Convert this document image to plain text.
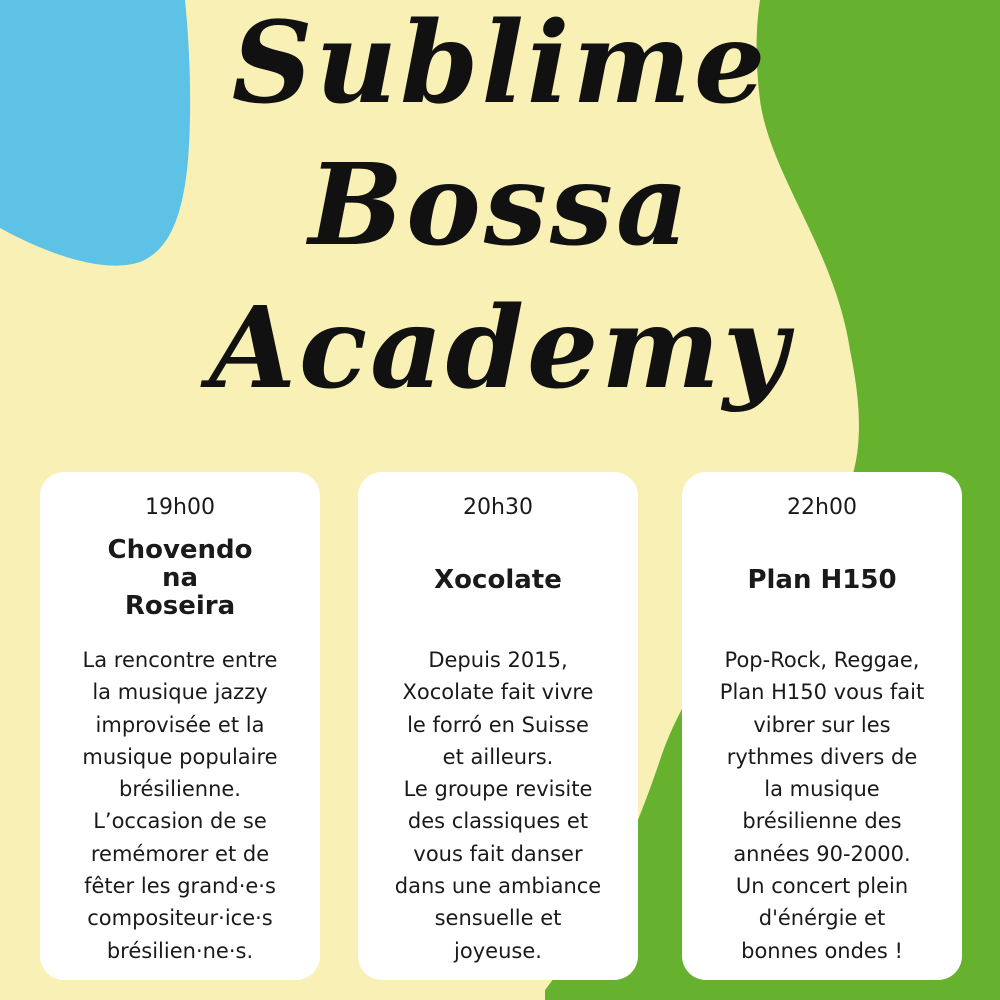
Sublime
Bossa
Academy
19h00
Chovendo
na
Roseira
La rencontre entre
la musique jazzy
improvisée et la
musique populaire
brésilienne.
L’occasion de se
remémorer et de
fêter les grand·e·s
compositeur·ice·s
brésilien·ne·s.
20h30
Xocolate
Depuis 2015,
Xocolate fait vivre
le forró en Suisse
et ailleurs.
Le groupe revisite
des classiques et
vous fait danser
dans une ambiance
sensuelle et
joyeuse.
22h00
Plan H150
Pop-Rock, Reggae,
Plan H150 vous fait
vibrer sur les
rythmes divers de
la musique
brésilienne des
années 90-2000.
Un concert plein
d'énérgie et
bonnes ondes !
